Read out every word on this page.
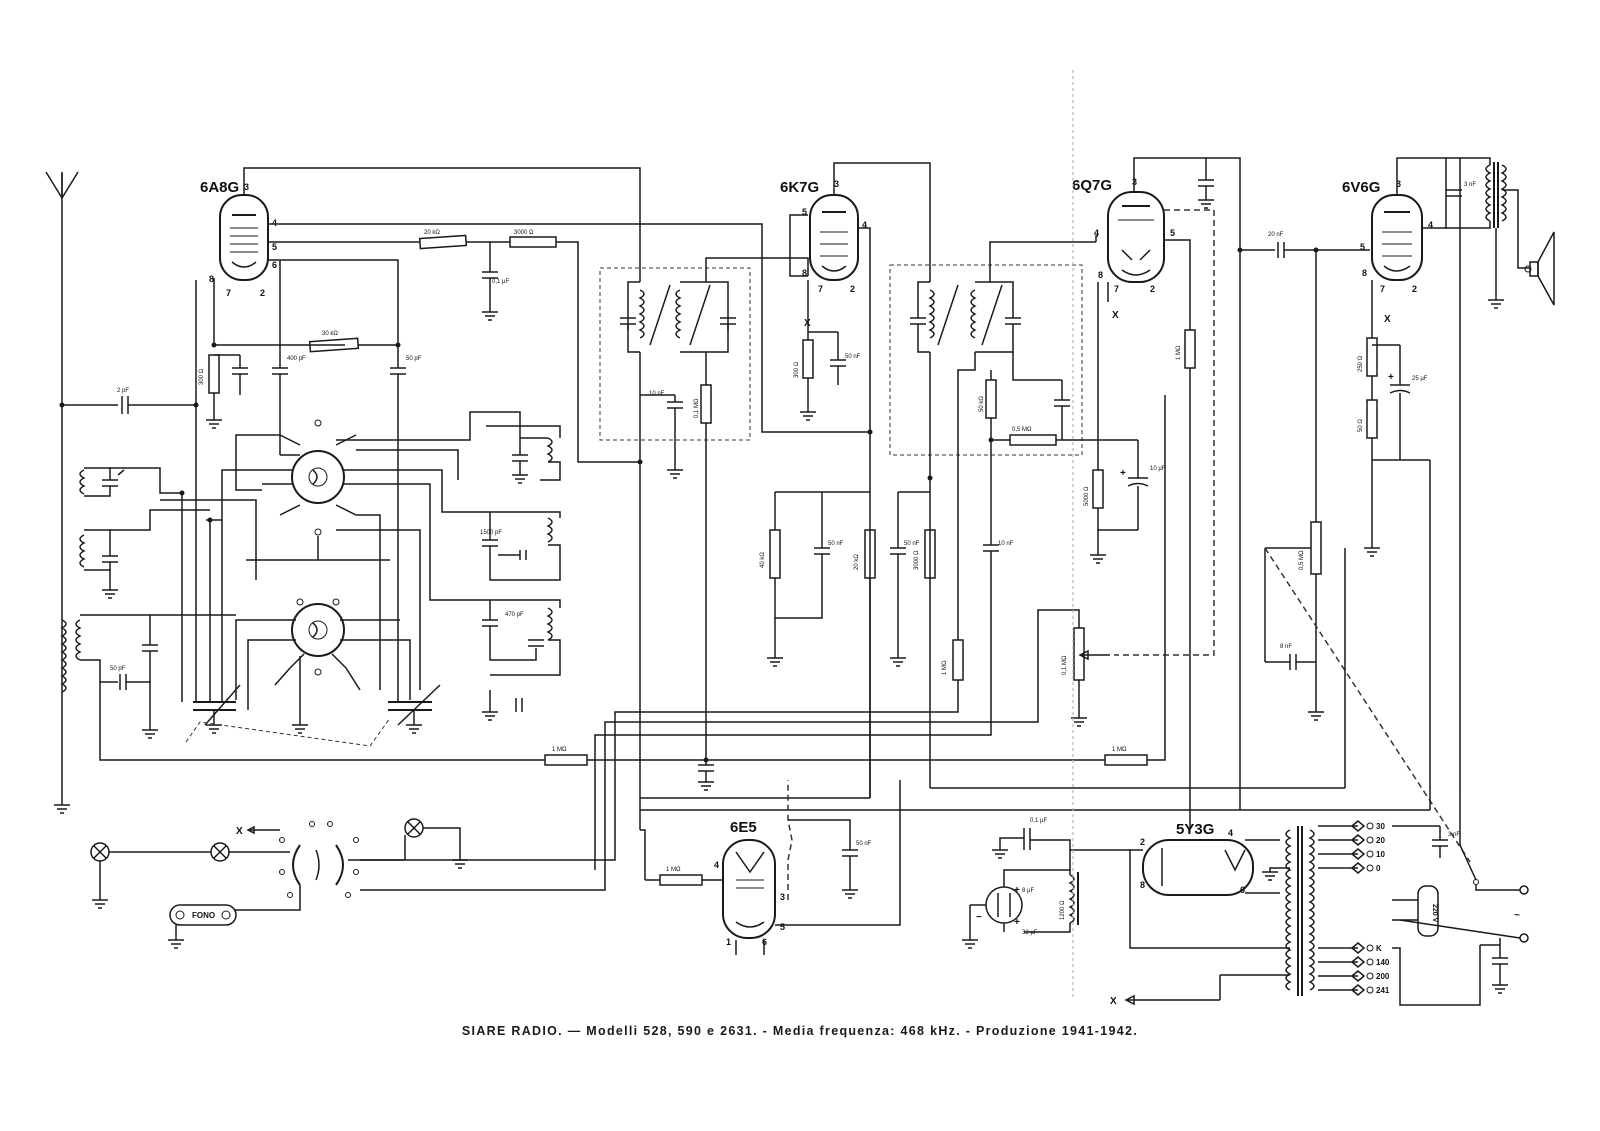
2 pF
3
4
5
6
8
7	2
6A8G
20 kΩ	3000 Ω
0,1 µF
30 kΩ
300 Ω
400 pF	50 pF
50 pF
1500 pF
470 pF
10 nF
0,1 MΩ
3
5
4
8
7	2
6K7G
X
300 Ω
50 nF
50 kΩ
0,5 MΩ
3
4	5
8
7	2
6Q7G
1 MΩ
X
5000 Ω
+	10 µF
0,1 MΩ
3
4
5
8
7	2
6V6G	3 nF
20 nF
0,5 MΩ
8 nF
X
250 Ω
50 Ω
+	25 µF
40 kΩ
50 nF
20 kΩ
50 nF
3000 Ω
10 nF
1 MΩ
1 MΩ	1 MΩ
1	6
4
3
5
6E5
1 MΩ
50 nF
X
FONO
2
8
4
6
5Y3G	30
20
10
0
3 nF
K
140
200
241
220 V	~
1200 Ω
0,1 µF
+
+
−
8 µF
32 µF
X
SIARE RADIO. — Modelli 528, 590 e 2631. - Media frequenza: 468 kHz. - Produzione 1941-1942.
